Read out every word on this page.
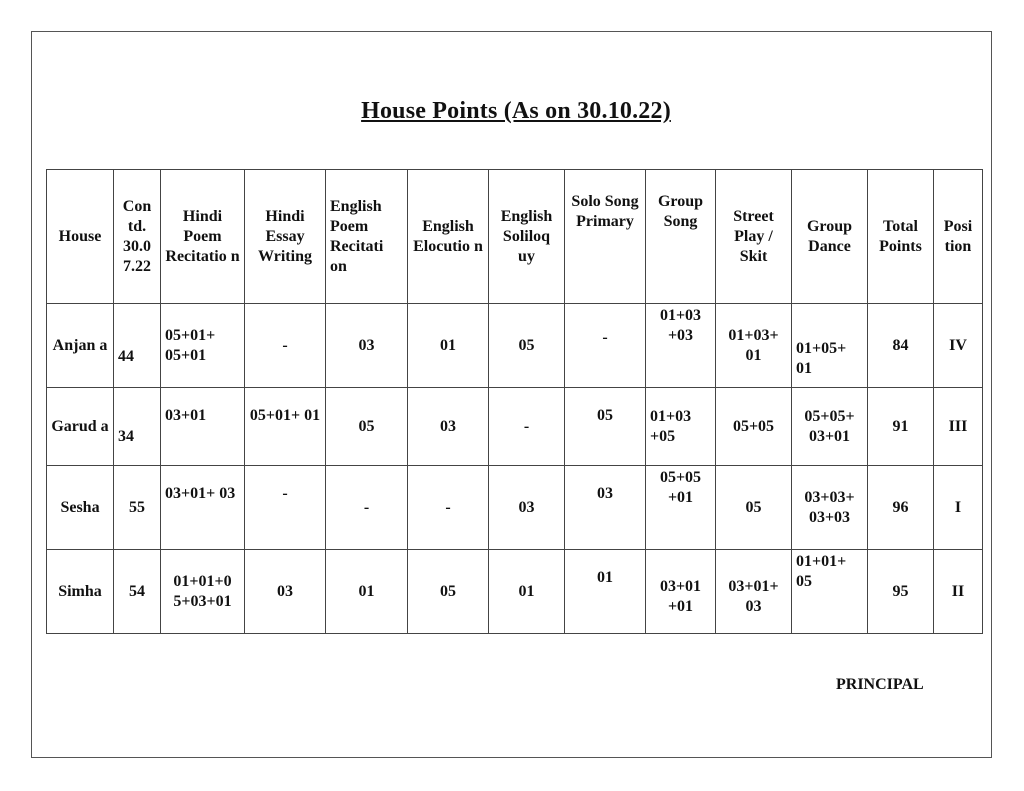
House Points (As on 30.10.22)
House	Con td. 30.0 7.22	Hindi Poem Recitatio n	Hindi Essay Writing	English Poem Recitati on	English Elocutio n	English Soliloq uy	Solo Song Primary	Group Song	Street Play / Skit	Group Dance	Total Points	Posi tion
Anjan a	44	05+01+ 05+01	-	03	01	05	-	01+03 +03	01+03+ 01	01+05+ 01	84	IV
Garud a	34	03+01	05+01+ 01	05	03	-	05	01+03 +05	05+05	05+05+ 03+01	91	III
Sesha	55	03+01+ 03	-	-	-	03	03	05+05 +01	05	03+03+ 03+03	96	I
Simha	54	01+01+0 5+03+01	03	01	05	01	01	03+01 +01	03+01+ 03	01+01+ 05	95	II
PRINCIPAL
